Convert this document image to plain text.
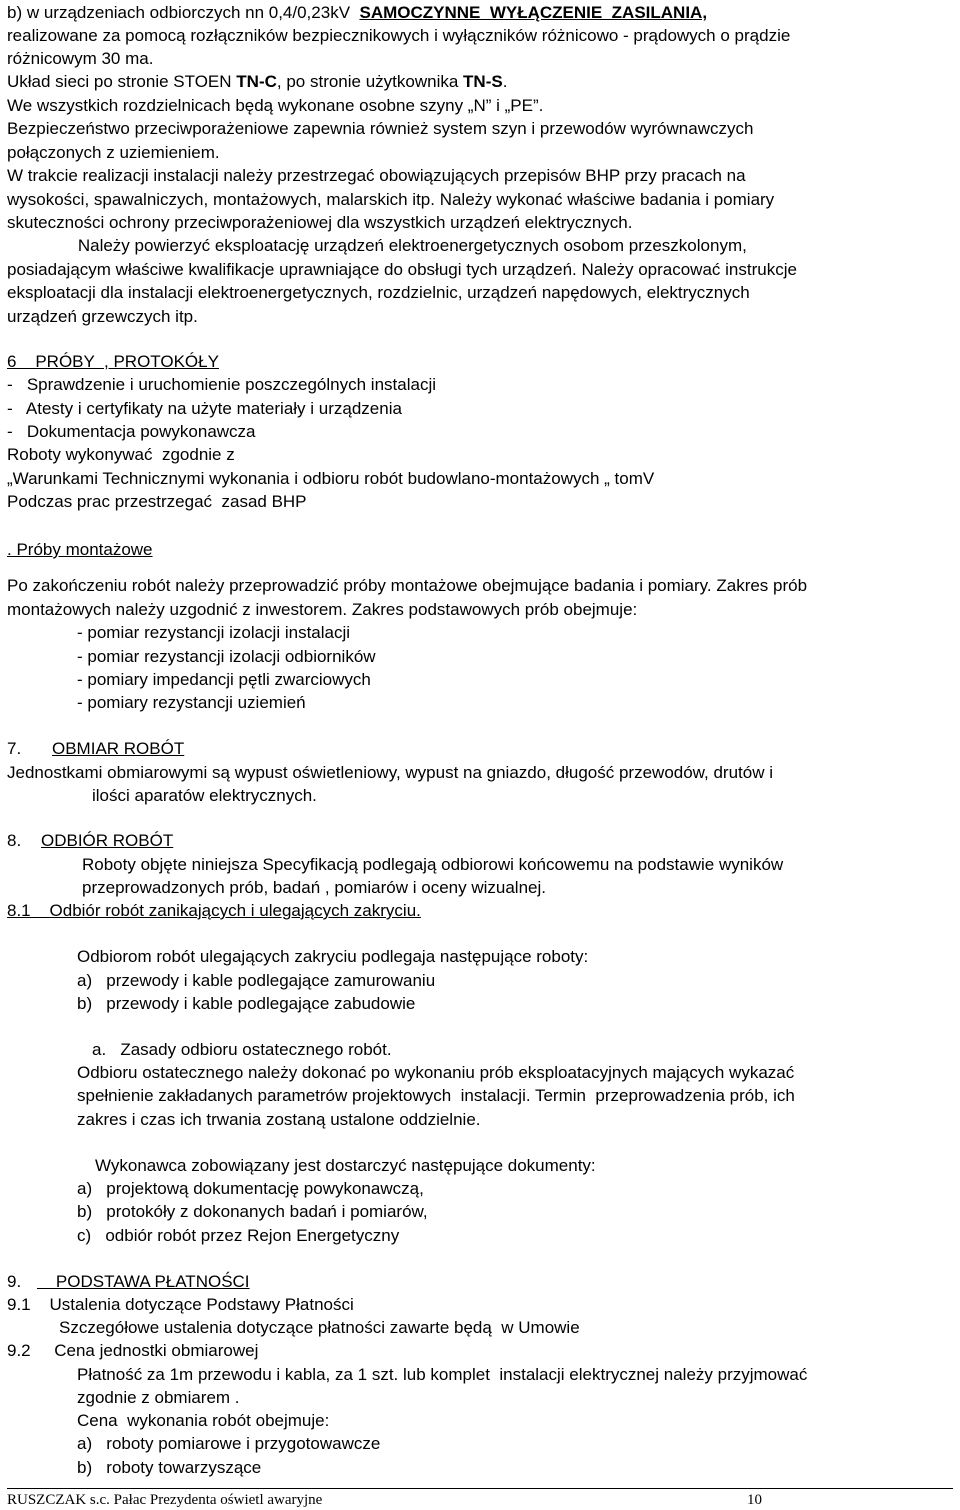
b) w urządzeniach odbiorczych nn 0,4/0,23kV  SAMOCZYNNE  WYŁĄCZENIE  ZASILANIA,
realizowane za pomocą rozłączników bezpiecznikowych i wyłączników różnicowo - prądowych o prądzie
różnicowym 30 ma.
Układ sieci po stronie STOEN TN-C, po stronie użytkownika TN-S.
We wszystkich rozdzielnicach będą wykonane osobne szyny „N” i „PE”.
Bezpieczeństwo przeciwporażeniowe zapewnia również system szyn i przewodów wyrównawczych
połączonych z uziemieniem.
W trakcie realizacji instalacji należy przestrzegać obowiązujących przepisów BHP przy pracach na
wysokości, spawalniczych, montażowych, malarskich itp. Należy wykonać właściwe badania i pomiary
skuteczności ochrony przeciwporażeniowej dla wszystkich urządzeń elektrycznych.
Należy powierzyć eksploatację urządzeń elektroenergetycznych osobom przeszkolonym,
posiadającym właściwe kwalifikacje uprawniające do obsługi tych urządzeń. Należy opracować instrukcje
eksploatacji dla instalacji elektroenergetycznych, rozdzielnic, urządzeń napędowych, elektrycznych
urządzeń grzewczych itp.
6    PRÓBY  , PROTOKÓŁY
-   Sprawdzenie i uruchomienie poszczególnych instalacji
-   Atesty i certyfikaty na użyte materiały i urządzenia
-   Dokumentacja powykonawcza
Roboty wykonywać  zgodnie z
„Warunkami Technicznymi wykonania i odbioru robót budowlano-montażowych „ tomV
Podczas prac przestrzegać  zasad BHP
. Próby montażowe
Po zakończeniu robót należy przeprowadzić próby montażowe obejmujące badania i pomiary. Zakres prób
montażowych należy uzgodnić z inwestorem. Zakres podstawowych prób obejmuje:
- pomiar rezystancji izolacji instalacji
- pomiar rezystancji izolacji odbiorników
- pomiary impedancji pętli zwarciowych
- pomiary rezystancji uziemień
7. OBMIAR ROBÓT
Jednostkami obmiarowymi są wypust oświetleniowy, wypust na gniazdo, długość przewodów, drutów i
ilości aparatów elektrycznych.
8. ODBIÓR ROBÓT
Roboty objęte niniejsza Specyfikacją podlegają odbiorowi końcowemu na podstawie wyników
przeprowadzonych prób, badań , pomiarów i oceny wizualnej.
8.1    Odbiór robót zanikających i ulegających zakryciu.
Odbiorom robót ulegających zakryciu podlegaja następujące roboty:
a)   przewody i kable podlegające zamurowaniu
b)   przewody i kable podlegające zabudowie
a.   Zasady odbioru ostatecznego robót.
Odbioru ostatecznego należy dokonać po wykonaniu prób eksploatacyjnych mających wykazać
spełnienie zakładanych parametrów projektowych  instalacji. Termin  przeprowadzenia prób, ich
zakres i czas ich trwania zostaną ustalone oddzielnie.
Wykonawca zobowiązany jest dostarczyć następujące dokumenty:
a)   projektową dokumentację powykonawczą,
b)   protokóły z dokonanych badań i pomiarów,
c)   odbiór robót przez Rejon Energetyczny
9. PODSTAWA PŁATNOŚCI
9.1    Ustalenia dotyczące Podstawy Płatności
Szczegółowe ustalenia dotyczące płatności zawarte będą  w Umowie
9.2     Cena jednostki obmiarowej
Płatność za 1m przewodu i kabla, za 1 szt. lub komplet  instalacji elektrycznej należy przyjmować
zgodnie z obmiarem .
Cena  wykonania robót obejmuje:
a)   roboty pomiarowe i przygotowawcze
b)   roboty towarzyszące
RUSZCZAK s.c. Pałac Prezydenta oświetl awaryjne	10
